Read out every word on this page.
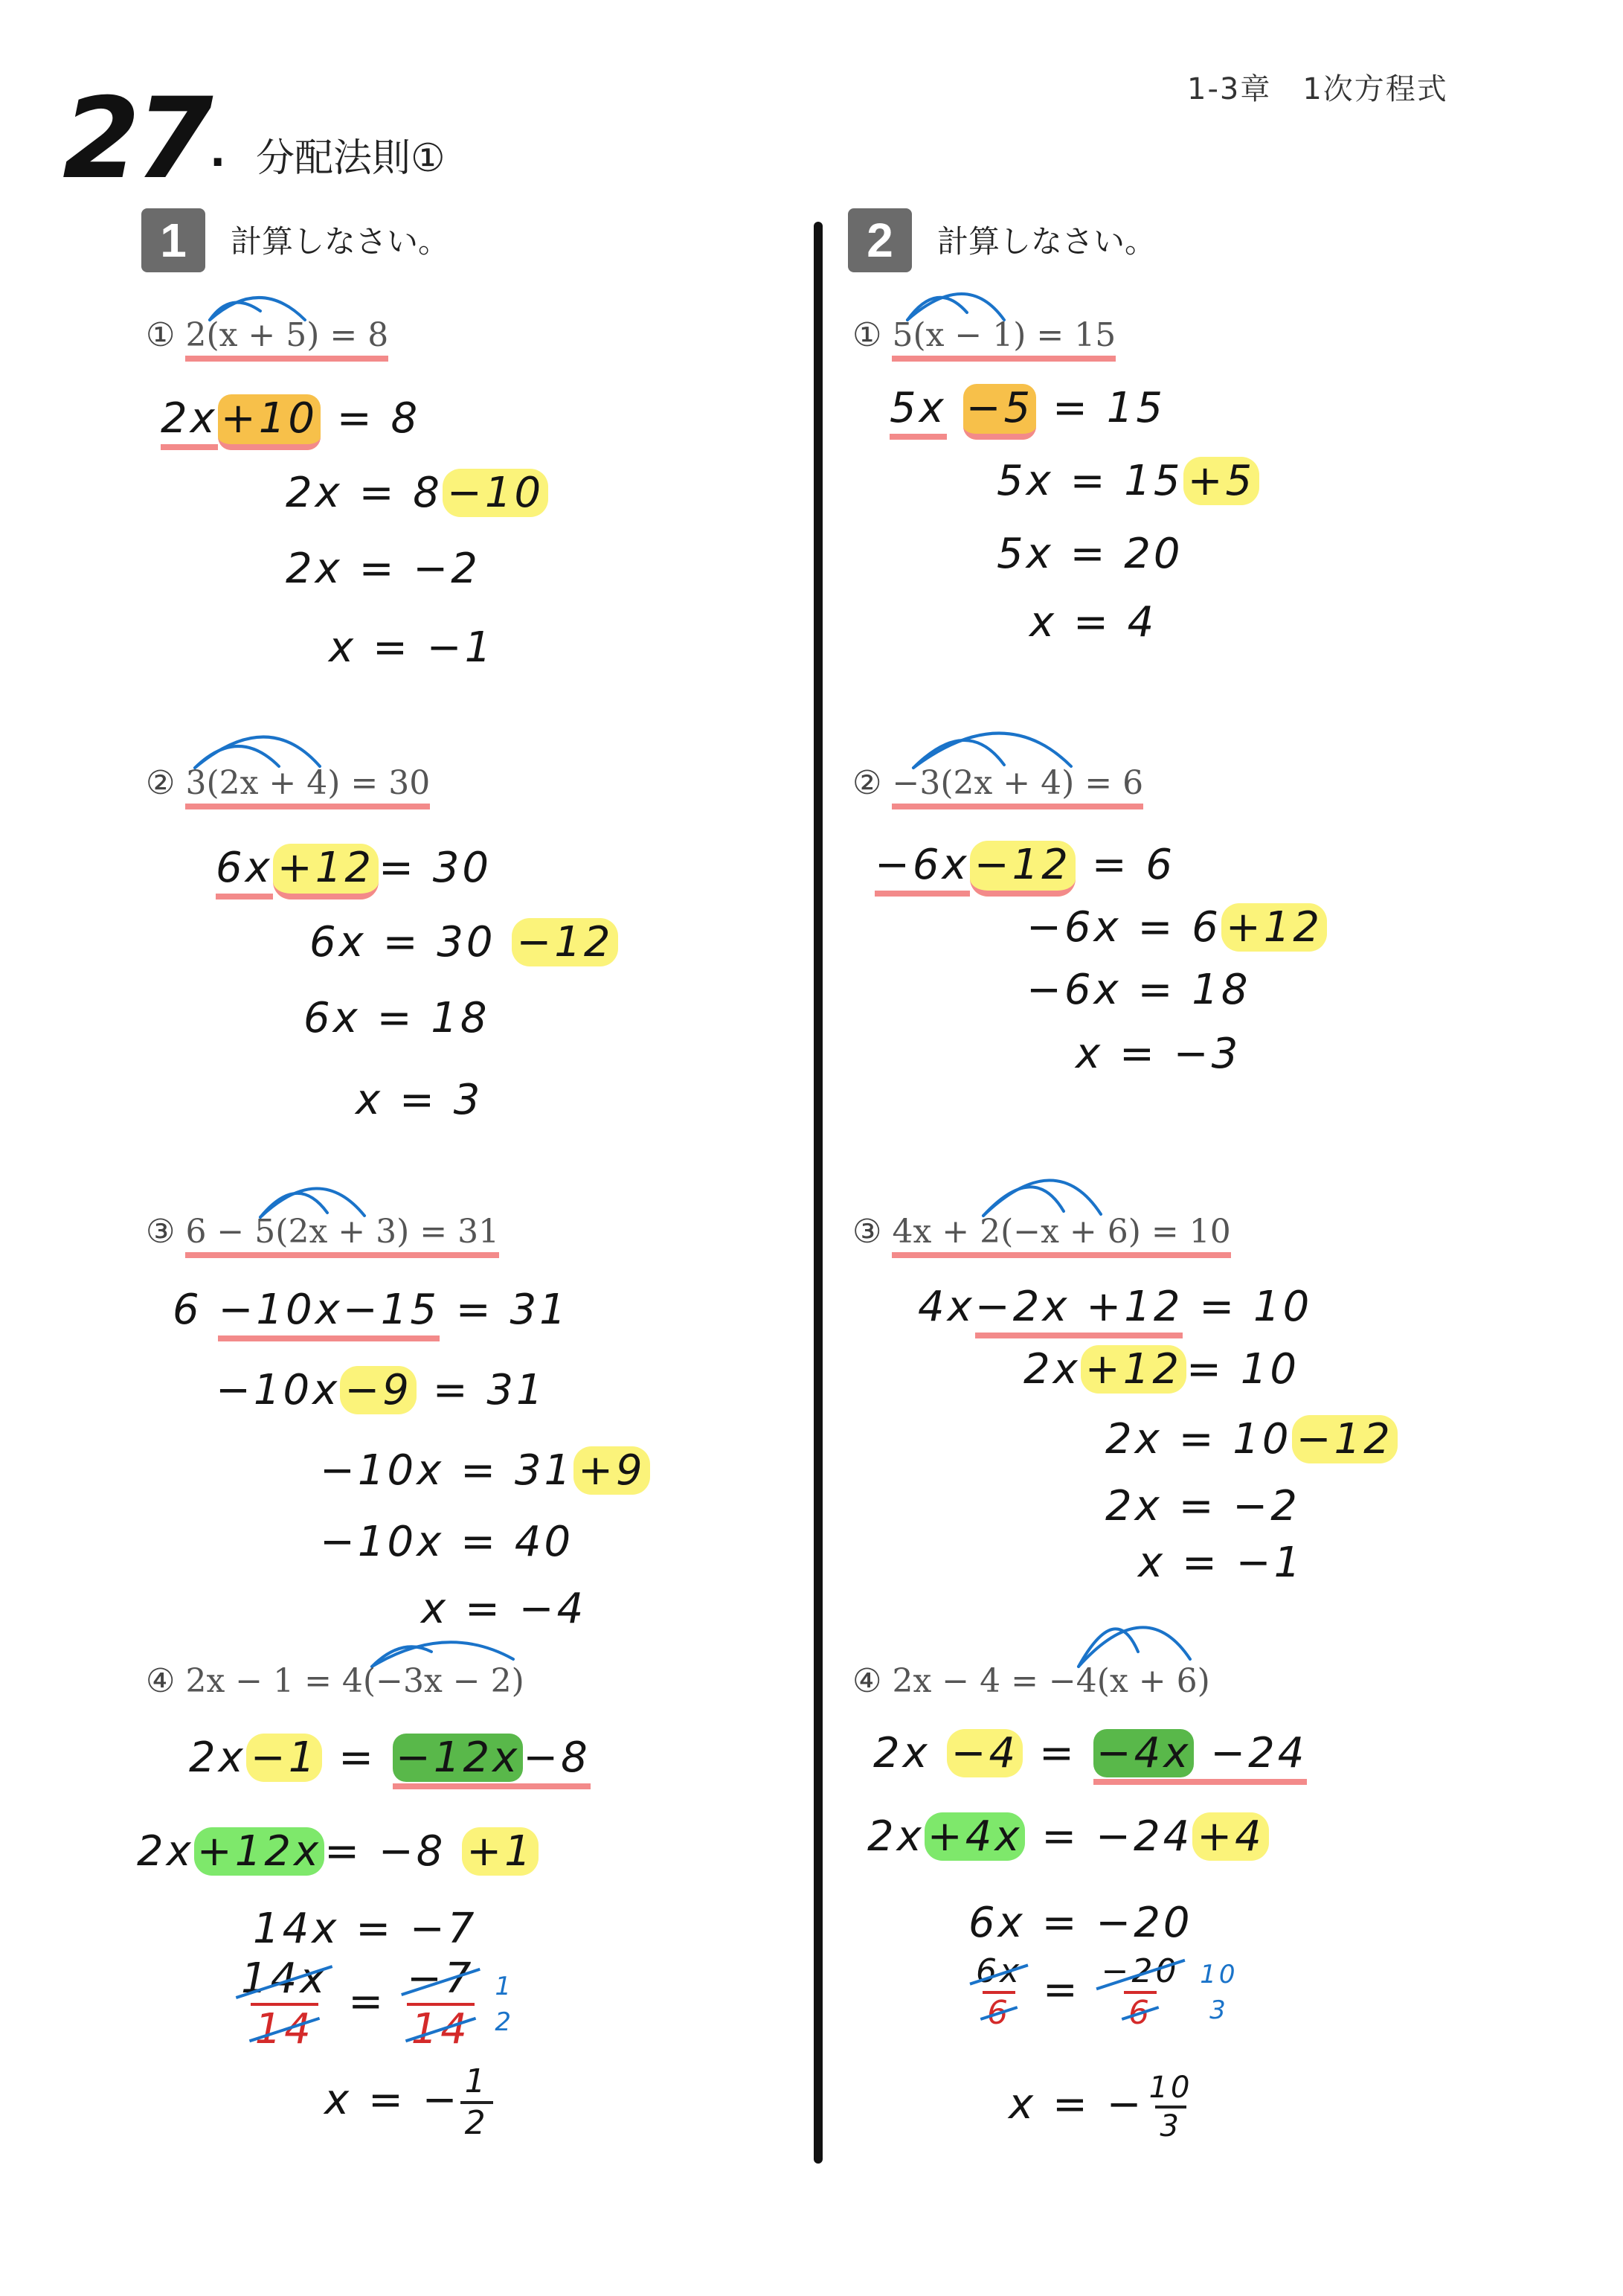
1-3章　1次方程式
27 . 分配法則①
1	計算しなさい。	2	計算しなさい。
① 2(x + 5) = 8
2x+10 = 8
2x = 8 −10
2x = −2
x = −1
② 3(2x + 4) = 30
6x +12 = 30
6x = 30 −12
6x = 18
x = 3
③ 6 − 5(2x + 3) = 31
6 −10x−15 = 31
−10x −9 = 31
−10x = 31 +9
−10x = 40
x = −4
④ 2x − 1 = 4(−3x − 2)
2x −1 = −12x−8
2x+12x= −8 +1
14x = −7
$\frac{14x}{14} = \frac{-7}{14}$
1
2
x = − $\frac{1}{2}$
① 5(x − 1) = 15
5x −5 = 15
5x = 15 +5
5x = 20
x = 4
② −3(2x + 4) = 6
−6x −12 = 6
−6x = 6 +12
−6x = 18
x = −3
③ 4x + 2(−x + 6) = 10
4x−2x +12 = 10
2x +12 = 10
2x = 10 −12
2x = −2
x = −1
④ 2x − 4 = −4(x + 6)
2x −4 = −4x −24
2x+4x = −24 +4
6x = −20
$\frac{6x}{6} = \frac{-20}{6}$
10
3
x = − $\frac{10}{3}$
